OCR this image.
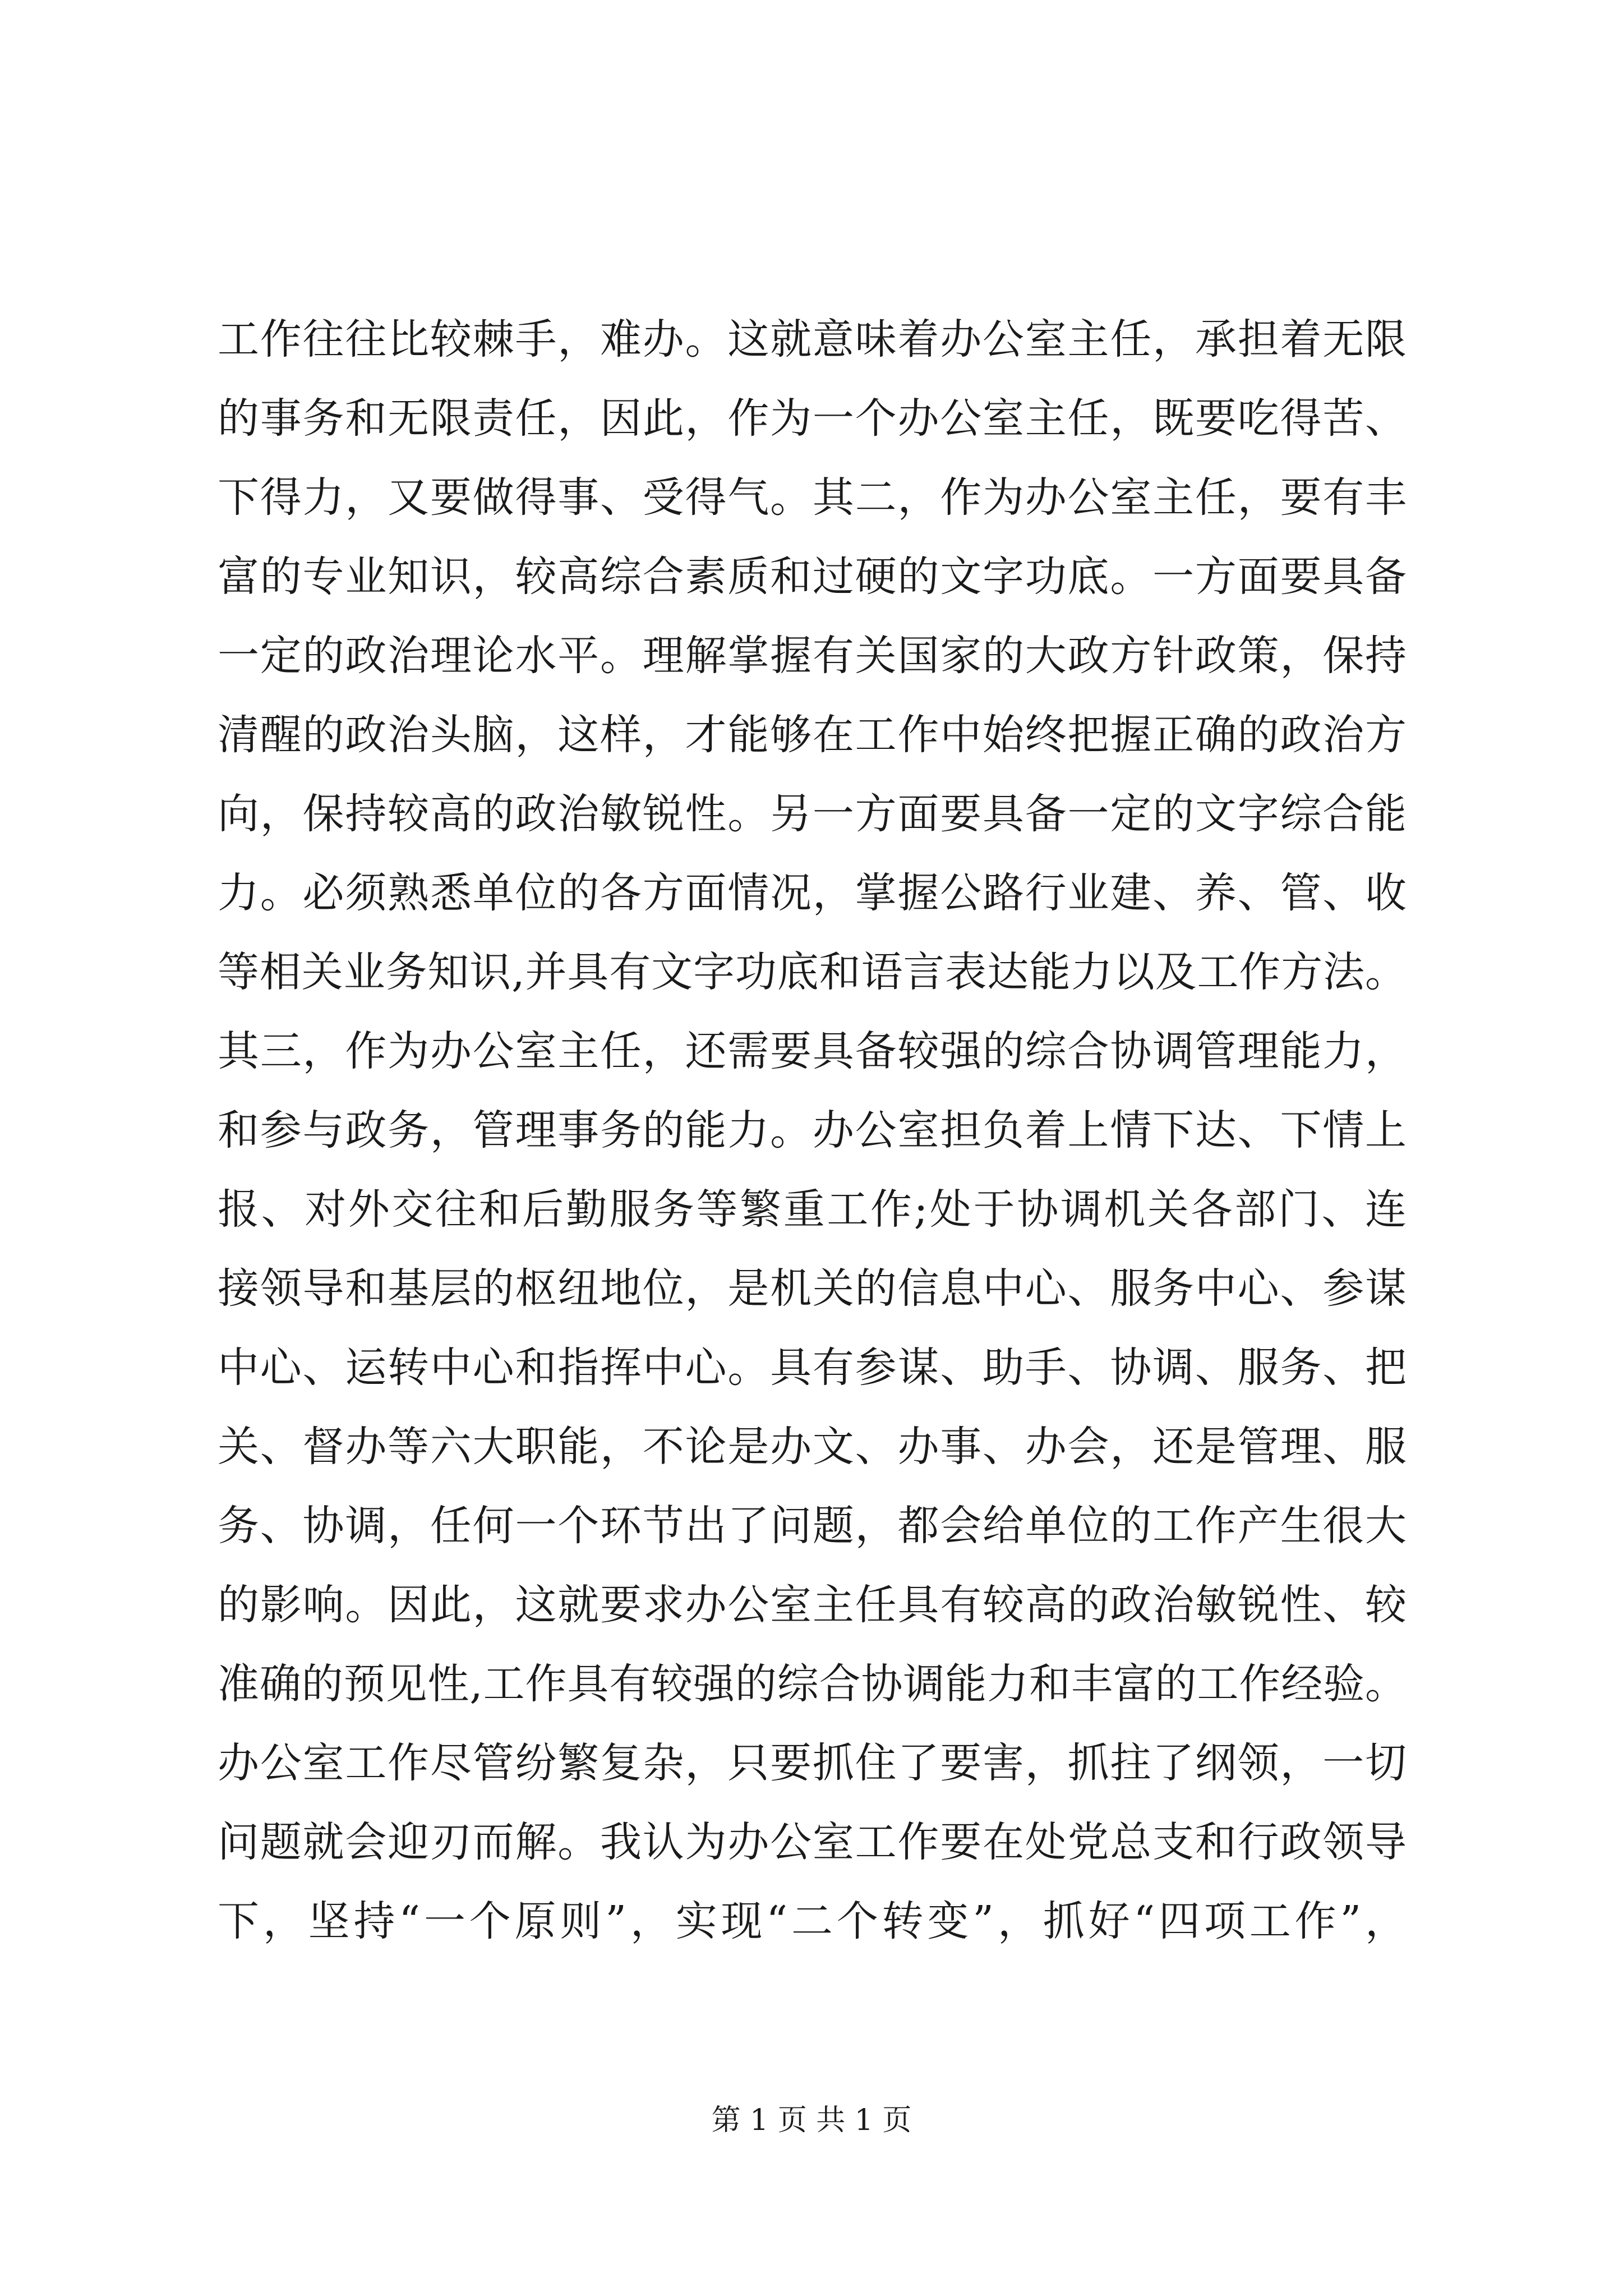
工作往往比较棘手，难办。这就意味着办公室主任，承担着无限
的事务和无限责任，因此，作为一个办公室主任，既要吃得苦、
下得力，又要做得事、受得气。其二，作为办公室主任，要有丰
富的专业知识，较高综合素质和过硬的文字功底。一方面要具备
一定的政治理论水平。理解掌握有关国家的大政方针政策，保持
清醒的政治头脑，这样，才能够在工作中始终把握正确的政治方
向，保持较高的政治敏锐性。另一方面要具备一定的文字综合能
力。必须熟悉单位的各方面情况，掌握公路行业建、养、管、收
等相关业务知识,并具有文字功底和语言表达能力以及工作方法。
其三，作为办公室主任，还需要具备较强的综合协调管理能力，
和参与政务，管理事务的能力。办公室担负着上情下达、下情上
报、对外交往和后勤服务等繁重工作;处于协调机关各部门、连
接领导和基层的枢纽地位，是机关的信息中心、服务中心、参谋
中心、运转中心和指挥中心。具有参谋、助手、协调、服务、把
关、督办等六大职能，不论是办文、办事、办会，还是管理、服
务、协调，任何一个环节出了问题，都会给单位的工作产生很大
的影响。因此，这就要求办公室主任具有较高的政治敏锐性、较
准确的预见性,工作具有较强的综合协调能力和丰富的工作经验。
办公室工作尽管纷繁复杂，只要抓住了要害，抓拄了纲领，一切
问题就会迎刃而解。我认为办公室工作要在处党总支和行政领导
下，坚持“一个原则”，实现“二个转变”，抓好“四项工作”，
第 1 页 共 1 页
